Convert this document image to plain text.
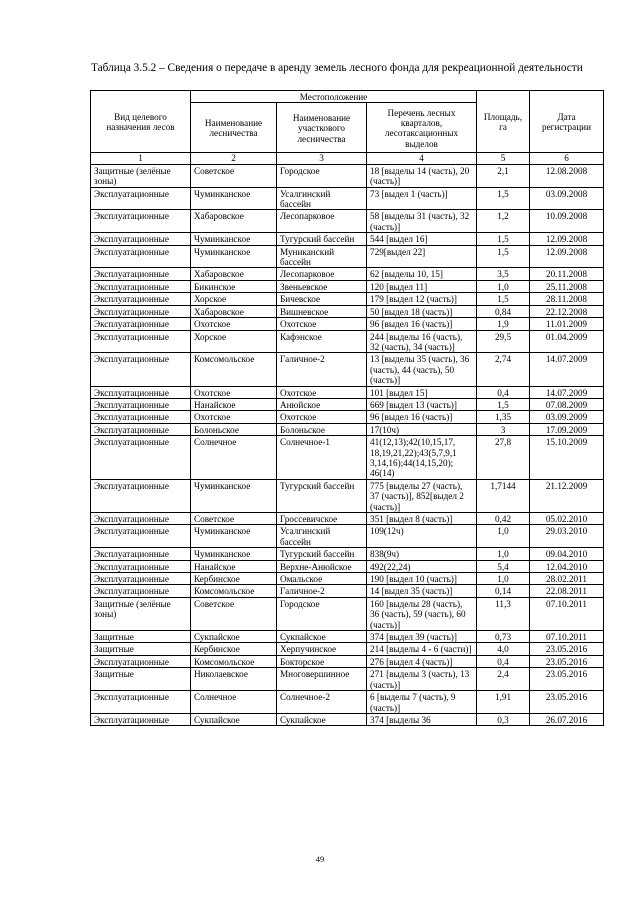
Таблица 3.5.2 – Сведения о передаче в аренду земель лесного фонда для рекреационной деятельности
Вид целевого назначения лесов	Местоположение			Площадь, га	Дата регистрации
	Наименование лесничества	Наименование участкового лесничества	Перечень лесных кварталов, лесотаксационных выделов		
1	2	3	4	5	6
Защитные (зелёные зоны)	Советское	Городское	18 [выделы 14 (часть), 20 (часть)]	2,1	12.08.2008
Эксплуатационные	Чуминканское	Усалгинский бассейн	73 [выдел 1 (часть)]	1,5	03.09.2008
Эксплуатационные	Хабаровское	Лесопарковое	58 [выделы 31 (часть), 32 (часть)]	1,2	10.09.2008
Эксплуатационные	Чуминканское	Тугурский бассейн	544 [выдел 16]	1,5	12.09.2008
Эксплуатационные	Чуминканское	Муниканский бассейн	729[выдел 22]	1,5	12.09.2008
Эксплуатационные	Хабаровское	Лесопарковое	62 [выделы 10, 15]	3,5	20.11.2008
Эксплуатационные	Бикинское	Звеньевское	120 [выдел 11]	1,0	25.11.2008
Эксплуатационные	Хорское	Бичевское	179 [выдел 12 (часть)]	1,5	28.11.2008
Эксплуатационные	Хабаровское	Вишневское	50 [выдел 18 (часть)]	0,84	22.12.2008
Эксплуатационные	Охотское	Охотское	96 [выдел 16 (часть)]	1,9	11.01.2009
Эксплуатационные	Хорское	Кафэнское	244 [выделы 16 (часть), 32 (часть), 34 (часть)]	29,5	01.04.2009
Эксплуатационные	Комсомольское	Галичное-2	13 [выделы 35 (часть), 36 (часть), 44 (часть), 50 (часть)]	2,74	14.07.2009
Эксплуатационные	Охотское	Охотское	101 [выдел 15]	0,4	14.07.2009
Эксплуатационные	Нанайское	Анюйское	669 [выдел 13 (часть)]	1,5	07.08.2009
Эксплуатационные	Охотское	Охотское	96 [выдел 16 (часть)]	1,35	03.09.2009
Эксплуатационные	Болоньское	Болоньское	17(10ч)	3	17.09.2009
Эксплуатационные	Солнечное	Солнечное-1	41(12,13);42(10,15,17, 18,19,21,22);43(5,7,9,1 3,14,16);44(14,15,20); 46(14)	27,8	15.10.2009
Эксплуатационные	Чуминканское	Тугурский бассейн	775 [выделы 27 (часть), 37 (часть)], 852[выдел 2 (часть)]	1,7144	21.12.2009
Эксплуатационные	Советское	Гроссевичское	351 [выдел 8 (часть)]	0,42	05.02.2010
Эксплуатационные	Чуминканское	Усалгинский бассейн	109(12ч)	1,0	29.03.2010
Эксплуатационные	Чуминканское	Тугурский бассейн	838(9ч)	1,0	09.04.2010
Эксплуатационные	Нанайское	Верхне-Анюйское	492(22,24)	5,4	12.04.2010
Эксплуатационные	Кербинское	Омальское	190 [выдел 10 (часть)]	1,0	28.02.2011
Эксплуатационные	Комсомольское	Галичное-2	14 [выдел 35 (часть)]	0,14	22.08.2011
Защитные (зелёные зоны)	Советское	Городское	160 [выделы 28 (часть), 36 (часть), 59 (часть), 60 (часть)]	11,3	07.10.2011
Защитные	Сукпайское	Сукпайское	374 [выдел 39 (часть)]	0,73	07.10.2011
Защитные	Кербинское	Херпучинское	214 [выделы 4 - 6 (части)]	4,0	23.05.2016
Эксплуатационные	Комсомольское	Бокторское	276 [выдел 4 (часть)]	0,4	23.05.2016
Защитные	Николаевское	Многовершинное	271 [выделы 3 (часть), 13 (часть)]	2,4	23.05.2016
Эксплуатационные	Солнечное	Солнечное-2	6 [выделы 7 (часть), 9 (часть)]	1,91	23.05.2016
Эксплуатационные	Сукпайское	Сукпайское	374 [выделы 36	0,3	26.07.2016
49
